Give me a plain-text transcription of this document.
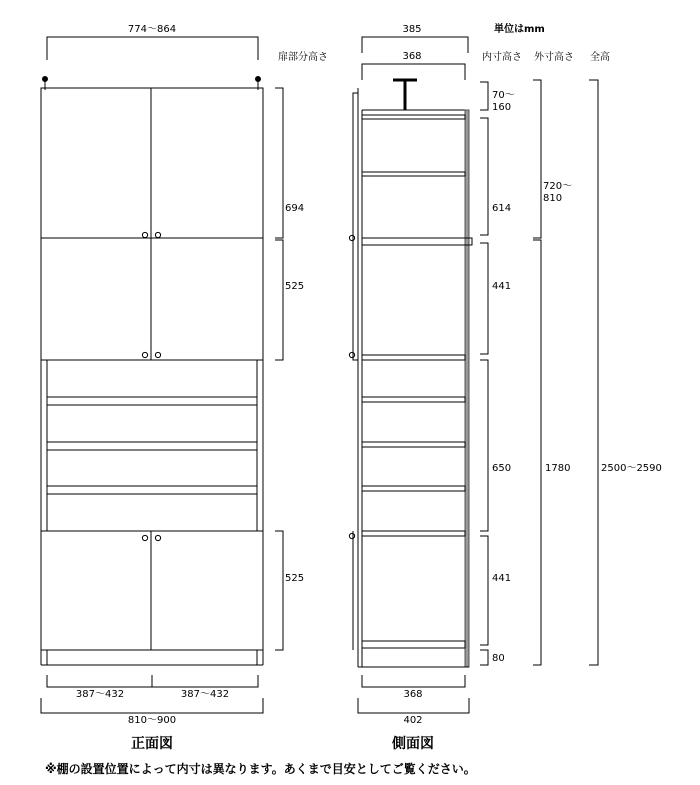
774〜864
扉部分高さ
694
525
525
387〜432	387〜432
810〜900
正面図
385
368
単位はmm
内寸高さ 外寸高さ 全高
70〜
160
614
441
650
441
80
720〜
810
1780	2500〜2590
368
402
側面図
※棚の設置位置によって内寸は異なります。あくまで目安としてご覧ください。
